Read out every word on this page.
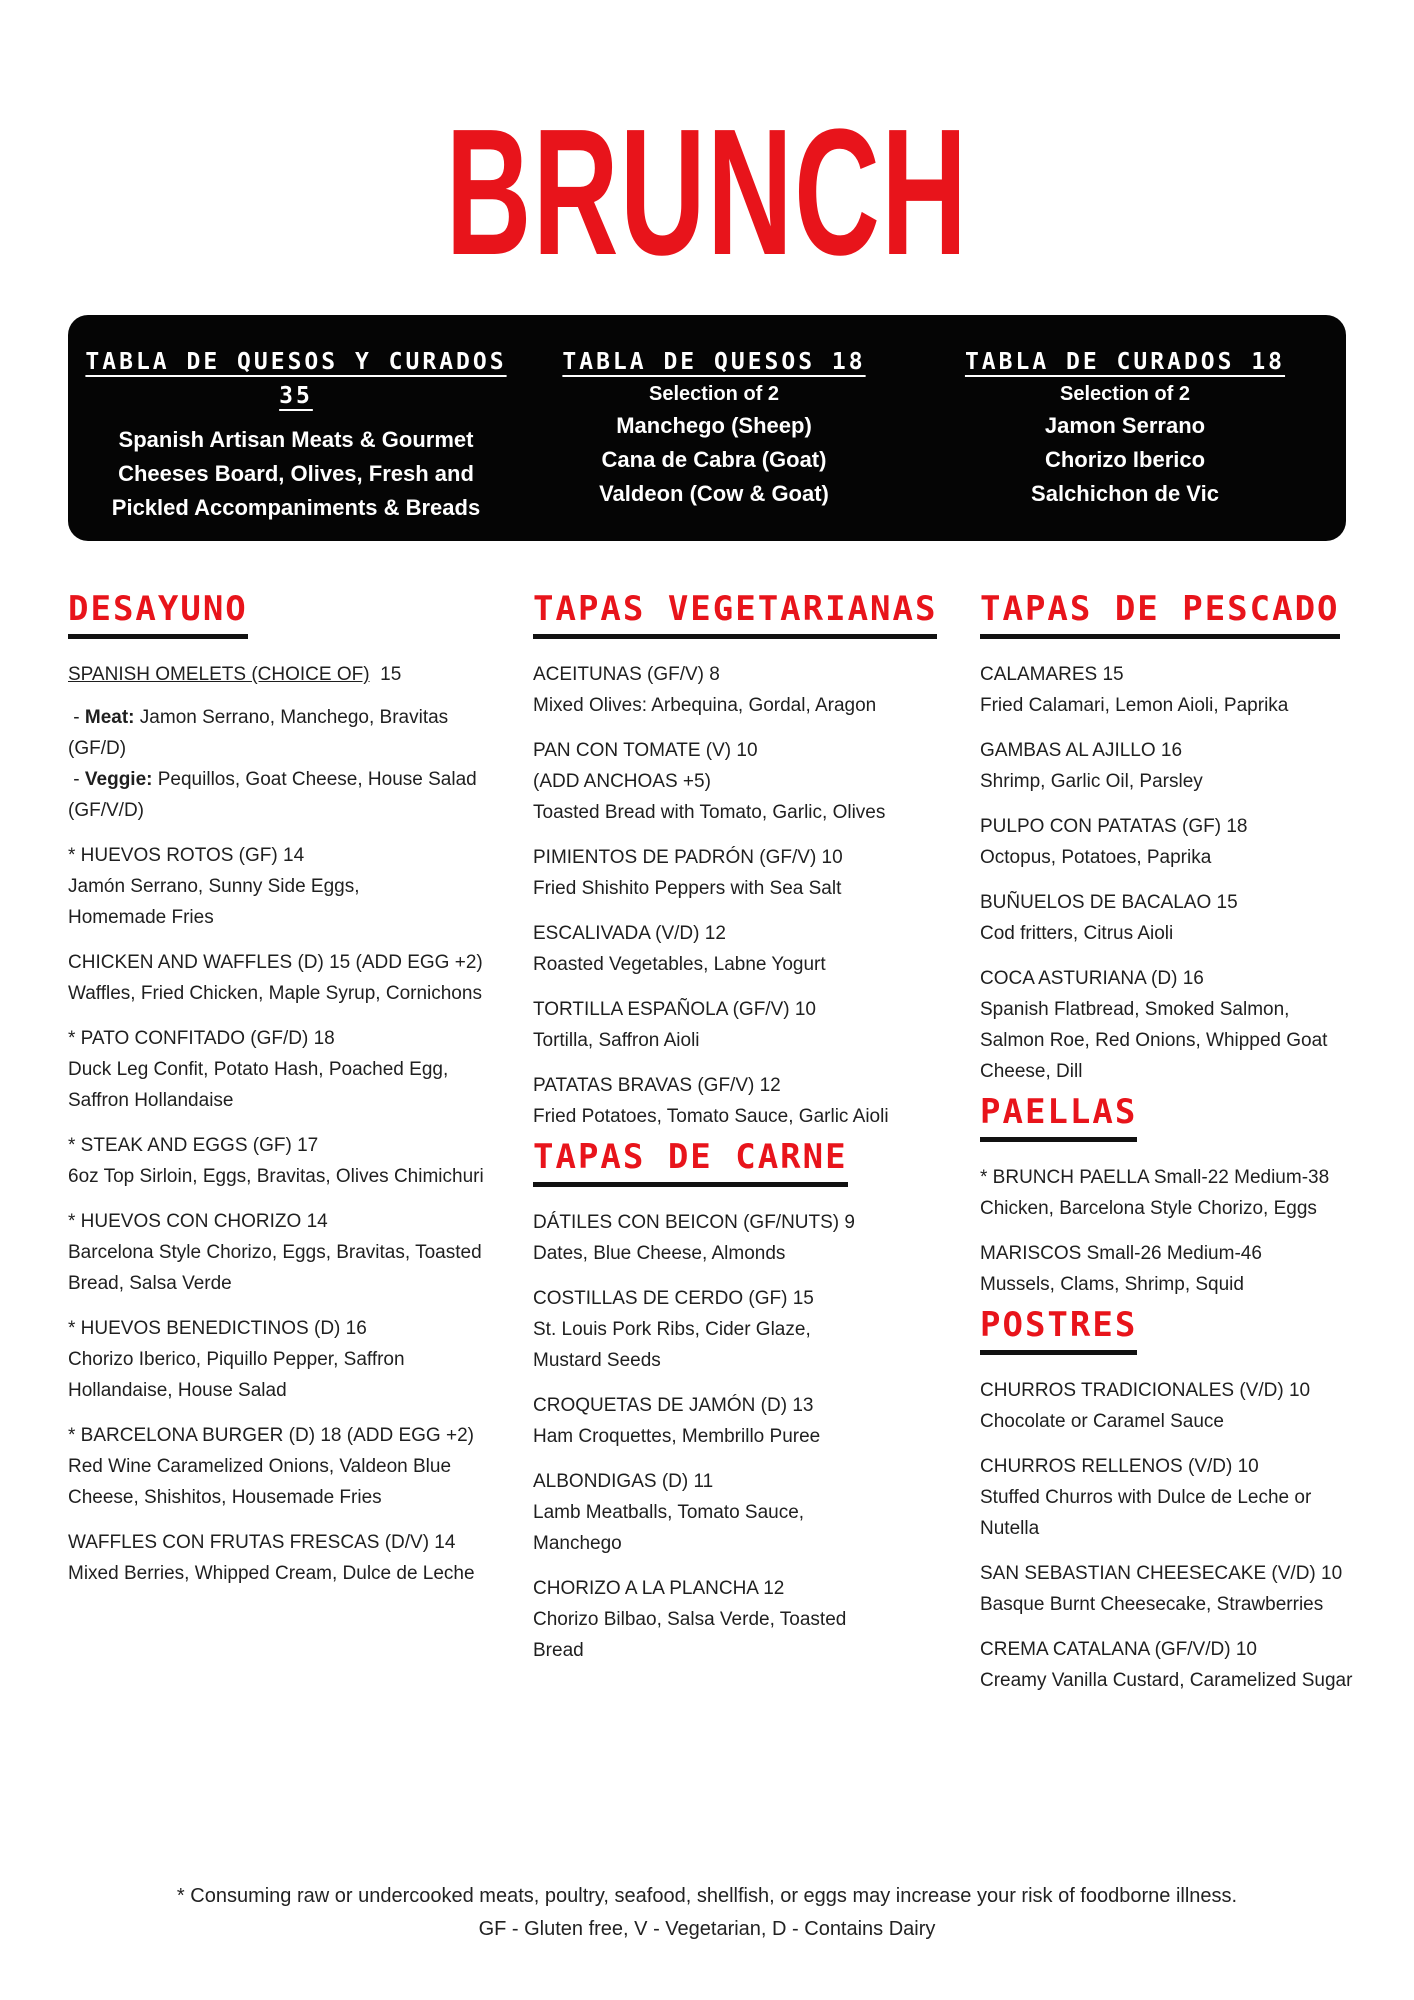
BRUNCH
TABLA DE QUESOS Y CURADOS 35
Spanish Artisan Meats & Gourmet
Cheeses Board, Olives, Fresh and
Pickled Accompaniments & Breads
TABLA DE QUESOS 18
Selection of 2
Manchego (Sheep)
Cana de Cabra (Goat)
Valdeon (Cow & Goat)
TABLA DE CURADOS 18
Selection of 2
Jamon Serrano
Chorizo Iberico
Salchichon de Vic
DESAYUNO
SPANISH OMELETS (CHOICE OF) 15
- Meat: Jamon Serrano, Manchego, Bravitas
(GF/D)
- Veggie: Pequillos, Goat Cheese, House Salad
(GF/V/D)
* HUEVOS ROTOS (GF) 14
Jamón Serrano, Sunny Side Eggs,
Homemade Fries
CHICKEN AND WAFFLES (D) 15 (ADD EGG +2)
Waffles, Fried Chicken, Maple Syrup, Cornichons
* PATO CONFITADO (GF/D) 18
Duck Leg Confit, Potato Hash, Poached Egg,
Saffron Hollandaise
* STEAK AND EGGS (GF) 17
6oz Top Sirloin, Eggs, Bravitas, Olives Chimichuri
* HUEVOS CON CHORIZO 14
Barcelona Style Chorizo, Eggs, Bravitas, Toasted
Bread, Salsa Verde
* HUEVOS BENEDICTINOS (D) 16
Chorizo Iberico, Piquillo Pepper, Saffron
Hollandaise, House Salad
* BARCELONA BURGER (D) 18 (ADD EGG +2)
Red Wine Caramelized Onions, Valdeon Blue
Cheese, Shishitos, Housemade Fries
WAFFLES CON FRUTAS FRESCAS (D/V) 14
Mixed Berries, Whipped Cream, Dulce de Leche
TAPAS VEGETARIANAS
ACEITUNAS (GF/V) 8
Mixed Olives: Arbequina, Gordal, Aragon
PAN CON TOMATE (V) 10
(ADD ANCHOAS +5)
Toasted Bread with Tomato, Garlic, Olives
PIMIENTOS DE PADRÓN (GF/V) 10
Fried Shishito Peppers with Sea Salt
ESCALIVADA (V/D) 12
Roasted Vegetables, Labne Yogurt
TORTILLA ESPAÑOLA (GF/V) 10
Tortilla, Saffron Aioli
PATATAS BRAVAS (GF/V) 12
Fried Potatoes, Tomato Sauce, Garlic Aioli
TAPAS DE CARNE
DÁTILES CON BEICON (GF/NUTS) 9
Dates, Blue Cheese, Almonds
COSTILLAS DE CERDO (GF) 15
St. Louis Pork Ribs, Cider Glaze,
Mustard Seeds
CROQUETAS DE JAMÓN (D) 13
Ham Croquettes, Membrillo Puree
ALBONDIGAS (D) 11
Lamb Meatballs, Tomato Sauce,
Manchego
CHORIZO A LA PLANCHA 12
Chorizo Bilbao, Salsa Verde, Toasted
Bread
TAPAS DE PESCADO
CALAMARES 15
Fried Calamari, Lemon Aioli, Paprika
GAMBAS AL AJILLO 16
Shrimp, Garlic Oil, Parsley
PULPO CON PATATAS (GF) 18
Octopus, Potatoes, Paprika
BUÑUELOS DE BACALAO 15
Cod fritters, Citrus Aioli
COCA ASTURIANA (D) 16
Spanish Flatbread, Smoked Salmon,
Salmon Roe, Red Onions, Whipped Goat
Cheese, Dill
PAELLAS
* BRUNCH PAELLA Small-22 Medium-38
Chicken, Barcelona Style Chorizo, Eggs
MARISCOS Small-26 Medium-46
Mussels, Clams, Shrimp, Squid
POSTRES
CHURROS TRADICIONALES (V/D) 10
Chocolate or Caramel Sauce
CHURROS RELLENOS (V/D) 10
Stuffed Churros with Dulce de Leche or
Nutella
SAN SEBASTIAN CHEESECAKE (V/D) 10
Basque Burnt Cheesecake, Strawberries
CREMA CATALANA (GF/V/D) 10
Creamy Vanilla Custard, Caramelized Sugar
* Consuming raw or undercooked meats, poultry, seafood, shellfish, or eggs may increase your risk of foodborne illness.
GF - Gluten free, V - Vegetarian, D - Contains Dairy
